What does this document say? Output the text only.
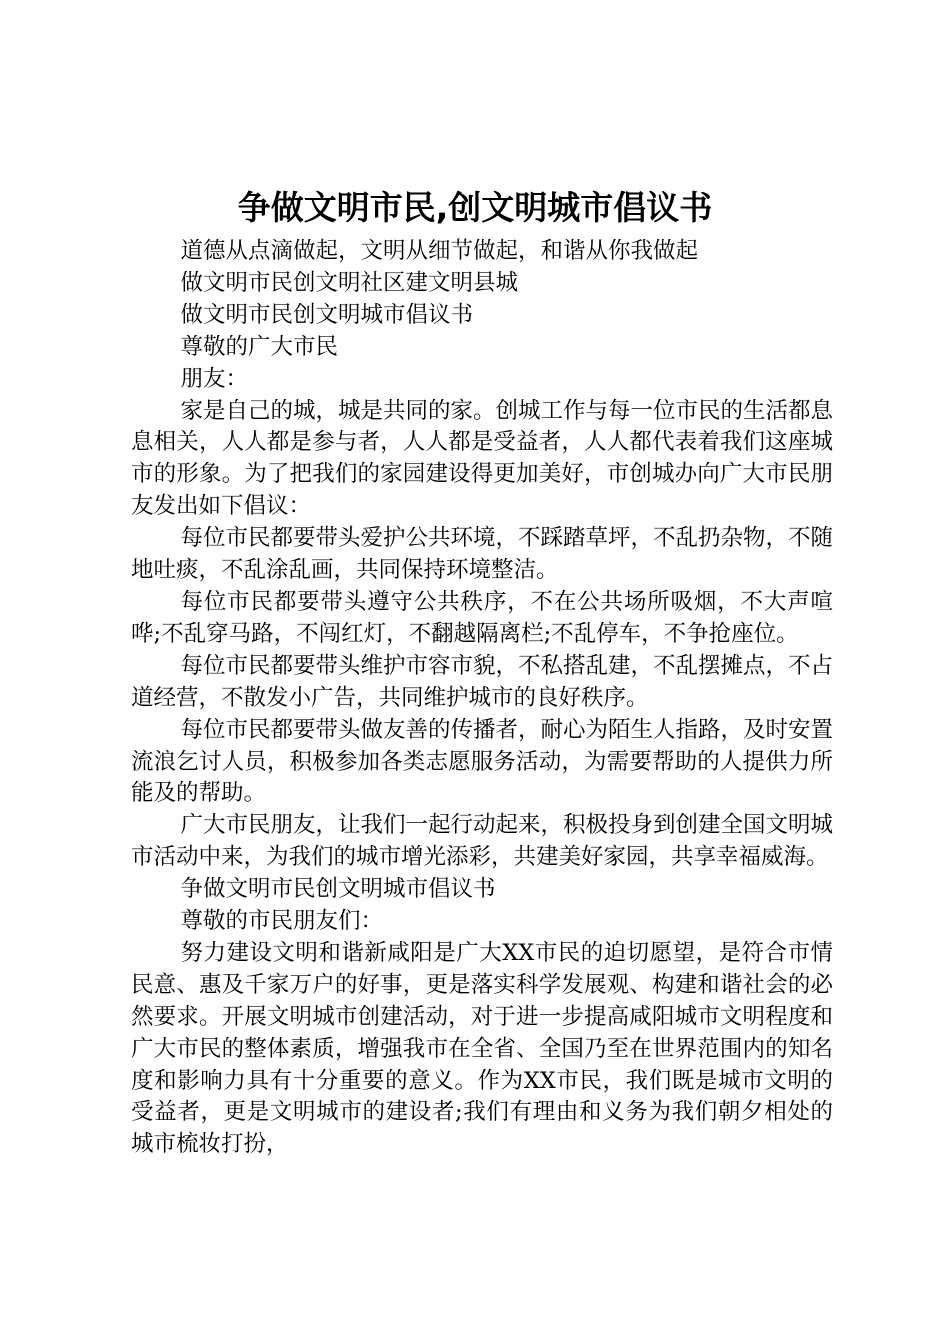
争做文明市民,创文明城市倡议书

道德从点滴做起，文明从细节做起，和谐从你我做起

做文明市民创文明社区建文明县城

做文明市民创文明城市倡议书

尊敬的广大市民

朋友：

家是自己的城，城是共同的家。创城工作与每一位市民的生活都息息相关，人人都是参与者，人人都是受益者，人人都代表着我们这座城市的形象。为了把我们的家园建设得更加美好，市创城办向广大市民朋友发出如下倡议：

每位市民都要带头爱护公共环境，不踩踏草坪，不乱扔杂物，不随地吐痰，不乱涂乱画，共同保持环境整洁。

每位市民都要带头遵守公共秩序，不在公共场所吸烟，不大声喧哗;不乱穿马路，不闯红灯，不翻越隔离栏;不乱停车，不争抢座位。

每位市民都要带头维护市容市貌，不私搭乱建，不乱摆摊点，不占道经营，不散发小广告，共同维护城市的良好秩序。

每位市民都要带头做友善的传播者，耐心为陌生人指路，及时安置流浪乞讨人员，积极参加各类志愿服务活动，为需要帮助的人提供力所能及的帮助。

广大市民朋友，让我们一起行动起来，积极投身到创建全国文明城市活动中来，为我们的城市增光添彩，共建美好家园，共享幸福威海。

争做文明市民创文明城市倡议书

尊敬的市民朋友们：

努力建设文明和谐新咸阳是广大XX市民的迫切愿望，是符合市情民意、惠及千家万户的好事，更是落实科学发展观、构建和谐社会的必然要求。开展文明城市创建活动，对于进一步提高咸阳城市文明程度和广大市民的整体素质，增强我市在全省、全国乃至在世界范围内的知名度和影响力具有十分重要的意义。作为XX市民，我们既是城市文明的受益者，更是文明城市的建设者;我们有理由和义务为我们朝夕相处的城市梳妆打扮，
